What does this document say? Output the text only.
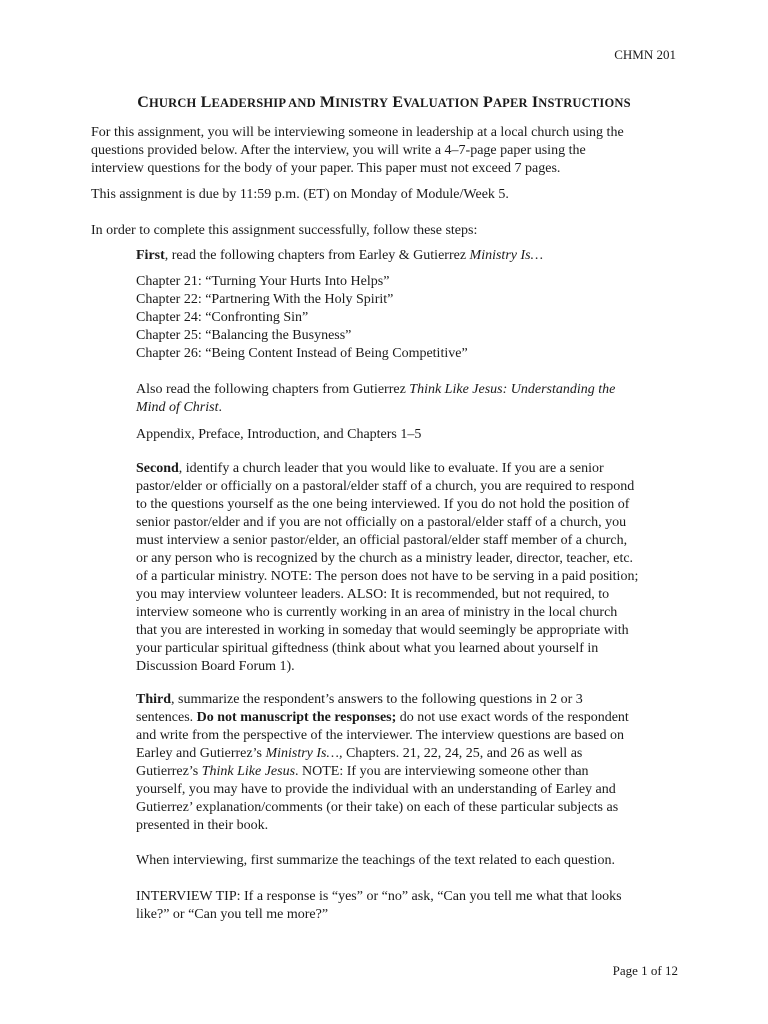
CHMN 201
CHURCH LEADERSHIP AND MINISTRY EVALUATION PAPER INSTRUCTIONS
For this assignment, you will be interviewing someone in leadership at a local church using the
questions provided below. After the interview, you will write a 4–7-page paper using the
interview questions for the body of your paper. This paper must not exceed 7 pages.
This assignment is due by 11:59 p.m. (ET) on Monday of Module/Week 5.
In order to complete this assignment successfully, follow these steps:
First, read the following chapters from Earley & Gutierrez Ministry Is…
Chapter 21: “Turning Your Hurts Into Helps”
Chapter 22: “Partnering With the Holy Spirit”
Chapter 24: “Confronting Sin”
Chapter 25: “Balancing the Busyness”
Chapter 26: “Being Content Instead of Being Competitive”
Also read the following chapters from Gutierrez Think Like Jesus: Understanding the
Mind of Christ.
Appendix, Preface, Introduction, and Chapters 1–5
Second, identify a church leader that you would like to evaluate. If you are a senior
pastor/elder or officially on a pastoral/elder staff of a church, you are required to respond
to the questions yourself as the one being interviewed. If you do not hold the position of
senior pastor/elder and if you are not officially on a pastoral/elder staff of a church, you
must interview a senior pastor/elder, an official pastoral/elder staff member of a church,
or any person who is recognized by the church as a ministry leader, director, teacher, etc.
of a particular ministry. NOTE: The person does not have to be serving in a paid position;
you may interview volunteer leaders. ALSO: It is recommended, but not required, to
interview someone who is currently working in an area of ministry in the local church
that you are interested in working in someday that would seemingly be appropriate with
your particular spiritual giftedness (think about what you learned about yourself in
Discussion Board Forum 1).
Third, summarize the respondent’s answers to the following questions in 2 or 3
sentences. Do not manuscript the responses; do not use exact words of the respondent
and write from the perspective of the interviewer. The interview questions are based on
Earley and Gutierrez’s Ministry Is…, Chapters. 21, 22, 24, 25, and 26 as well as
Gutierrez’s Think Like Jesus. NOTE: If you are interviewing someone other than
yourself, you may have to provide the individual with an understanding of Earley and
Gutierrez’ explanation/comments (or their take) on each of these particular subjects as
presented in their book.
When interviewing, first summarize the teachings of the text related to each question.
INTERVIEW TIP: If a response is “yes” or “no” ask, “Can you tell me what that looks
like?” or “Can you tell me more?”
Page 1 of 12
